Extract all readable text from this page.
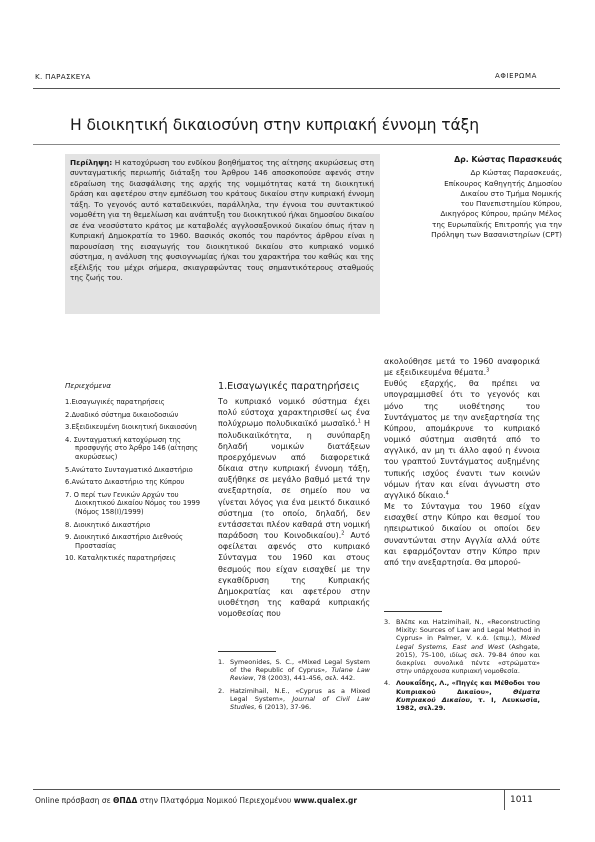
Κ. ΠΑΡΑΣΚΕΥΑ	ΑΦΙΕΡΩΜΑ
Η διοικητική δικαιοσύνη στην κυπριακή έννομη τάξη

Περίληψη: Η κατοχύρωση του ενδίκου βοηθήματος της αίτησης ακυρώσεως στη συνταγματικής περιωπής διάταξη του Άρθρου 146 αποσκοπούσε αφενός στην εδραίωση της διασφάλισης της αρχής της νομιμότητας κατά τη διοικητική δράση και αφετέρου στην εμπέδωση του κράτους δικαίου στην κυπριακή έννομη τάξη. Το γεγονός αυτό καταδεικνύει, παράλληλα, την έγνοια του συντακτικού νομοθέτη για τη θεμελίωση και ανάπτυξη του διοικητικού ή/και δημοσίου δικαίου σε ένα νεοσύστατο κράτος με καταβολές αγγλοσαξονικού δικαίου όπως ήταν η Κυπριακή Δημοκρατία το 1960. Βασικός σκοπός του παρόντος άρθρου είναι η παρουσίαση της εισαγωγής του διοικητικού δικαίου στο κυπριακό νομικό σύστημα, η ανάλυση της φυσιογνωμίας ή/και του χαρακτήρα του καθώς και της εξέλιξής του μέχρι σήμερα, σκιαγραφώντας τους σημαντικότερους σταθμούς της ζωής του.

Δρ. Κώστας Παρασκευάς
Δρ Κώστας Παρασκευάς,
Επίκουρος Καθηγητής Δημοσίου
Δικαίου στο Τμήμα Νομικής
του Πανεπιστημίου Κύπρου,
Δικηγόρος Κύπρου, πρώην Μέλος
της Ευρωπαϊκής Επιτροπής για την
Πρόληψη των Βασανιστηρίων (CPT)
Περιεχόμενα
1.Εισαγωγικές παρατηρήσεις
2.Δυαδικό σύστημα δικαιοδοσιών
3.Εξειδικευμένη διοικητική δικαιοσύνη
4. Συνταγματική κατοχύρωση της προσφυγής στο Άρθρο 146 (αίτησης ακυρώσεως)
5.Ανώτατο Συνταγματικό Δικαστήριο
6.Ανώτατο Δικαστήριο της Κύπρου
7. Ο περί των Γενικών Αρχών του Διοικητικού Δικαίου Νόμος του 1999 (Νόμος 158(Ι)/1999)
8. Διοικητικό Δικαστήριο
9. Διοικητικό Δικαστήριο Διεθνούς Προστασίας
10. Καταληκτικές παρατηρήσεις
1.Εισαγωγικές παρατηρήσεις

Το κυπριακό νομικό σύστημα έχει πολύ εύστοχα χαρακτηρισθεί ως ένα πολύχρωμο πολυδικαιϊκό μωσαϊκό.$^1$ Η πολυδικαιϊκότητα, η συνύπαρξη δηλαδή νομικών διατάξεων προερχόμενων από διαφορετικά δίκαια στην κυπριακή έννομη τάξη, αυξήθηκε σε μεγάλο βαθμό μετά την ανεξαρτησία, σε σημείο που να γίνεται λόγος για ένα μεικτό δικαιικό σύστημα (το οποίο, δηλαδή, δεν εντάσσεται πλέον καθαρά στη νομική παράδοση του Κοινοδικαίου).$^2$ Αυτό οφείλεται αφενός στο κυπριακό Σύνταγμα του 1960 και στους θεσμούς που είχαν εισαχθεί με την εγκαθίδρυση της Κυπριακής Δημοκρατίας και αφετέρου στην υιοθέτηση της καθαρά κυπριακής νομοθεσίας που

ακολούθησε μετά το 1960 αναφορικά με εξειδικευμένα θέματα.$^3$

Ευθύς εξαρχής, θα πρέπει να υπογραμμισθεί ότι το γεγονός και μόνο της υιοθέτησης του Συντάγματος με την ανεξαρτησία της Κύπρου, απομάκρυνε το κυπριακό νομικό σύστημα αισθητά από το αγγλικό, αν μη τι άλλο αφού η έννοια του γραπτού Συντάγματος αυξημένης τυπικής ισχύος έναντι των κοινών νόμων ήταν και είναι άγνωστη στο αγγλικό δίκαιο.$^4$

Με το Σύνταγμα του 1960 είχαν εισαχθεί στην Κύπρο και θεσμοί του ηπειρωτικού δικαίου οι οποίοι δεν συναντώνται στην Αγγλία αλλά ούτε και εφαρμόζονταν στην Κύπρο πριν από την ανεξαρτησία. Θα μπορού-

1. Symeonides, S. C., «Mixed Legal System of the Republic of Cyprus», Tulane Law Review, 78 (2003), 441-456, σελ. 442.
2. Hatzimihail, N.E., «Cyprus as a Mixed Legal System», Journal of Civil Law Studies, 6 (2013), 37-96.
3. Βλέπε και Hatzimihail, N., «Reconstructing Mixity: Sources of Law and Legal Method in Cyprus» in Palmer, V. κ.ά. (επιμ.), Mixed Legal Systems, East and West (Ashgate, 2015), 75-100, ιδίως σελ. 79-84 όπου και διακρίνει συνολικά πέντε «στρώματα» στην υπάρχουσα κυπριακή νομοθεσία.
4. Λουκαΐδης, Λ., «Πηγές και Μέθοδοι του Κυπριακού Δικαίου», Θέματα Κυπριακού Δικαίου, τ. Ι, Λευκωσία, 1982, σελ.29.
Online πρόσβαση σε ΘΠΔΔ στην Πλατφόρμα Νομικού Περιεχομένου www.qualex.gr	1011
